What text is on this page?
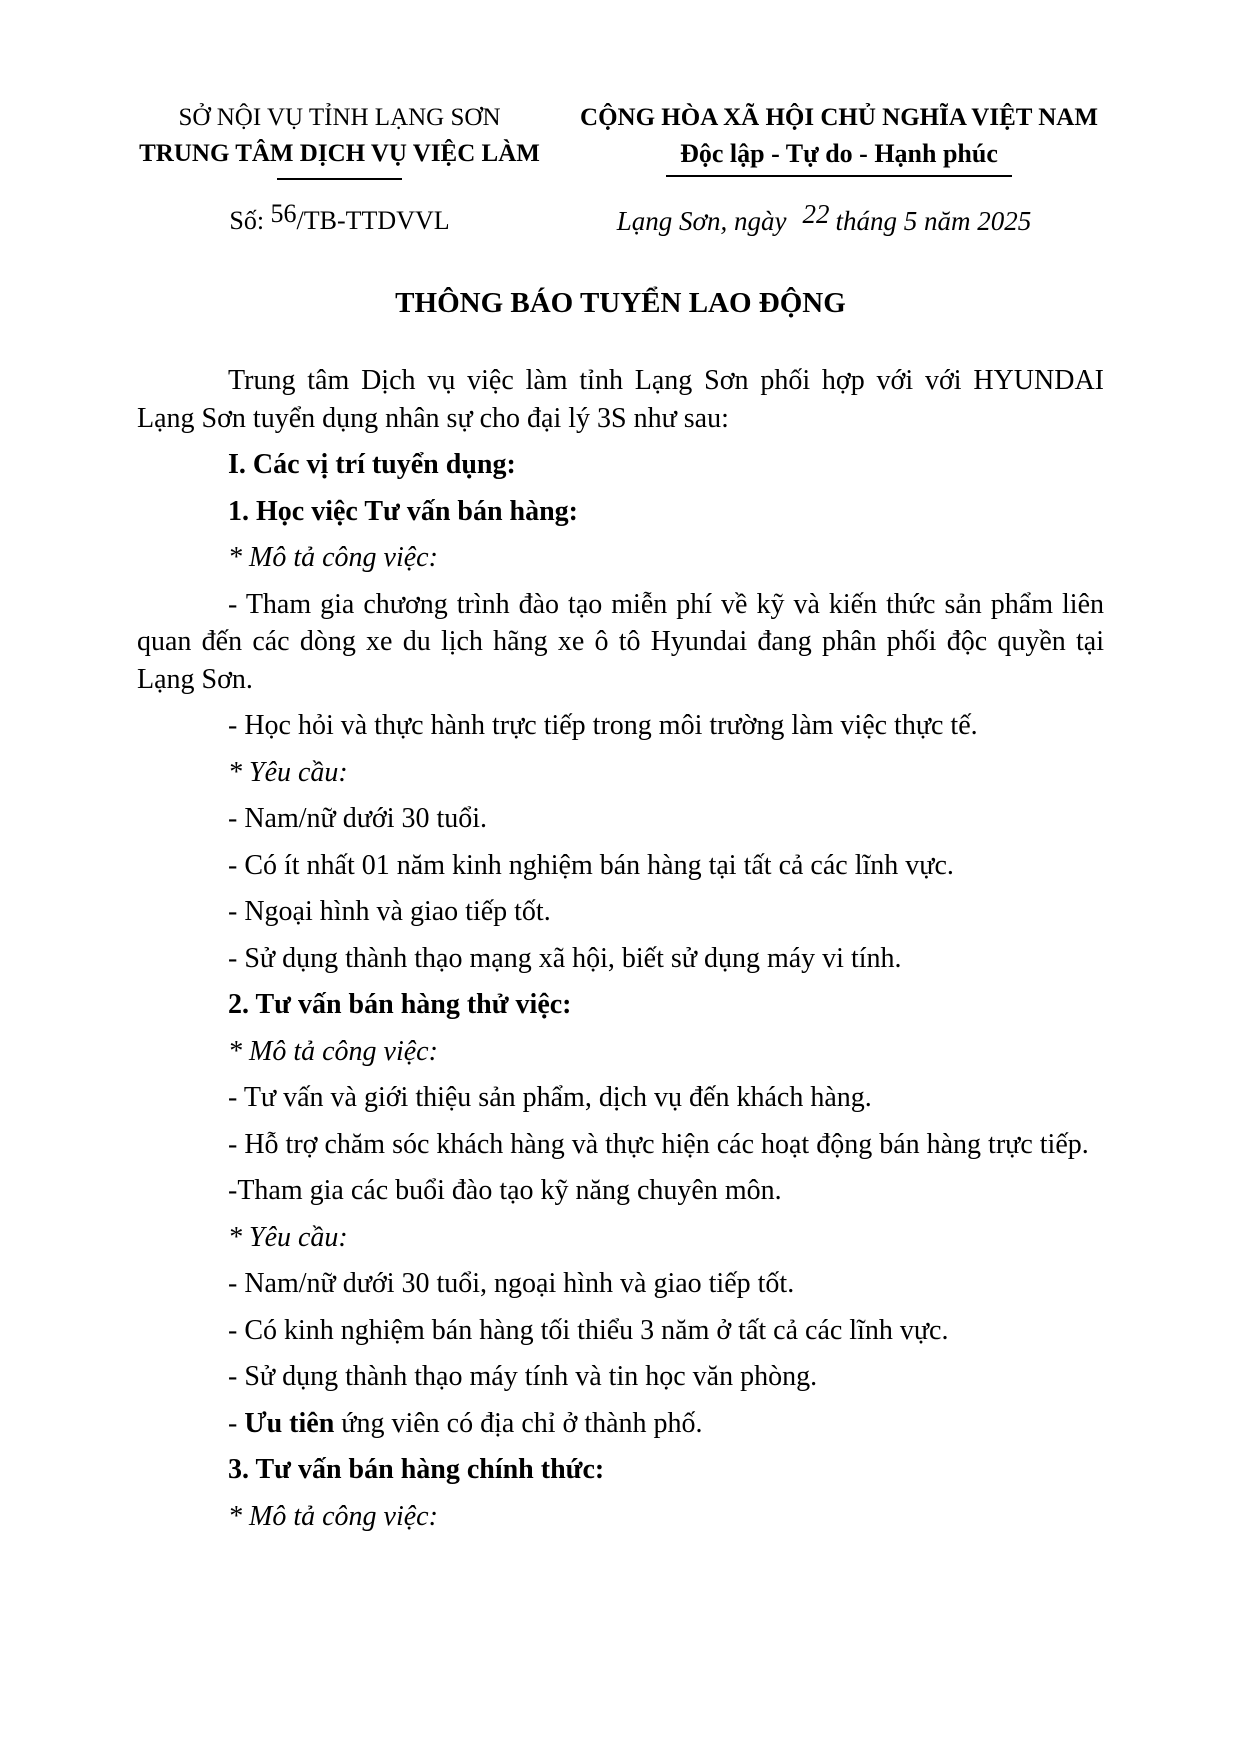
SỞ NỘI VỤ TỈNH LẠNG SƠN
TRUNG TÂM DỊCH VỤ VIỆC LÀM
CỘNG HÒA XÃ HỘI CHỦ NGHĨA VIỆT NAM
Độc lập - Tự do - Hạnh phúc
Số: 56/TB-TTDVVL	Lạng Sơn, ngày 22 tháng 5 năm 2025
THÔNG BÁO TUYỂN LAO ĐỘNG

Trung tâm Dịch vụ việc làm tỉnh Lạng Sơn phối hợp với với HYUNDAI Lạng Sơn tuyển dụng nhân sự cho đại lý 3S như sau:

I. Các vị trí tuyển dụng:

1. Học việc Tư vấn bán hàng:

* Mô tả công việc:

- Tham gia chương trình đào tạo miễn phí về kỹ và kiến thức sản phẩm liên quan đến các dòng xe du lịch hãng xe ô tô Hyundai đang phân phối độc quyền tại Lạng Sơn.

- Học hỏi và thực hành trực tiếp trong môi trường làm việc thực tế.

* Yêu cầu:

- Nam/nữ dưới 30 tuổi.

- Có ít nhất 01 năm kinh nghiệm bán hàng tại tất cả các lĩnh vực.

- Ngoại hình và giao tiếp tốt.

- Sử dụng thành thạo mạng xã hội, biết sử dụng máy vi tính.

2. Tư vấn bán hàng thử việc:

* Mô tả công việc:

- Tư vấn và giới thiệu sản phẩm, dịch vụ đến khách hàng.

- Hỗ trợ chăm sóc khách hàng và thực hiện các hoạt động bán hàng trực tiếp.

-Tham gia các buổi đào tạo kỹ năng chuyên môn.

* Yêu cầu:

- Nam/nữ dưới 30 tuổi, ngoại hình và giao tiếp tốt.

- Có kinh nghiệm bán hàng tối thiểu 3 năm ở tất cả các lĩnh vực.

- Sử dụng thành thạo máy tính và tin học văn phòng.

- Ưu tiên ứng viên có địa chỉ ở thành phố.

3. Tư vấn bán hàng chính thức:

* Mô tả công việc:
